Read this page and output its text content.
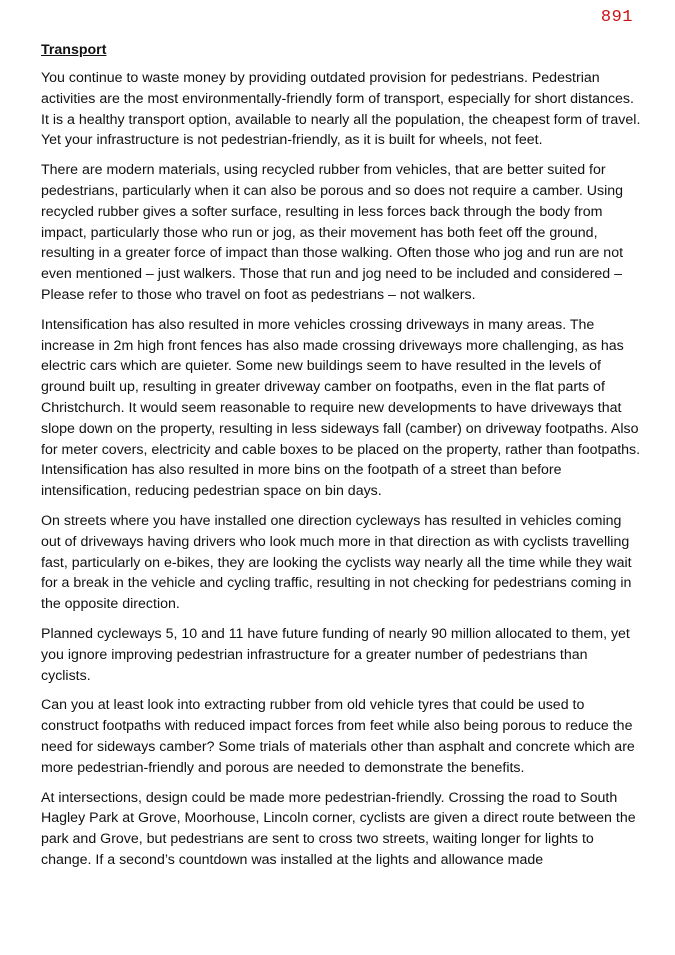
891
Transport

You continue to waste money by providing outdated provision for pedestrians. Pedestrian activities are the most environmentally-friendly form of transport, especially for short distances. It is a healthy transport option, available to nearly all the population, the cheapest form of travel. Yet your infrastructure is not pedestrian-friendly, as it is built for wheels, not feet.

There are modern materials, using recycled rubber from vehicles, that are better suited for pedestrians, particularly when it can also be porous and so does not require a camber. Using recycled rubber gives a softer surface, resulting in less forces back through the body from impact, particularly those who run or jog, as their movement has both feet off the ground, resulting in a greater force of impact than those walking. Often those who jog and run are not even mentioned – just walkers. Those that run and jog need to be included and considered – Please refer to those who travel on foot as pedestrians – not walkers.

Intensification has also resulted in more vehicles crossing driveways in many areas. The increase in 2m high front fences has also made crossing driveways more challenging, as has electric cars which are quieter. Some new buildings seem to have resulted in the levels of ground built up, resulting in greater driveway camber on footpaths, even in the flat parts of Christchurch. It would seem reasonable to require new developments to have driveways that slope down on the property, resulting in less sideways fall (camber) on driveway footpaths. Also for meter covers, electricity and cable boxes to be placed on the property, rather than footpaths. Intensification has also resulted in more bins on the footpath of a street than before intensification, reducing pedestrian space on bin days.

On streets where you have installed one direction cycleways has resulted in vehicles coming out of driveways having drivers who look much more in that direction as with cyclists travelling fast, particularly on e-bikes, they are looking the cyclists way nearly all the time while they wait for a break in the vehicle and cycling traffic, resulting in not checking for pedestrians coming in the opposite direction.

Planned cycleways 5, 10 and 11 have future funding of nearly 90 million allocated to them, yet you ignore improving pedestrian infrastructure for a greater number of pedestrians than cyclists.

Can you at least look into extracting rubber from old vehicle tyres that could be used to construct footpaths with reduced impact forces from feet while also being porous to reduce the need for sideways camber? Some trials of materials other than asphalt and concrete which are more pedestrian-friendly and porous are needed to demonstrate the benefits.

At intersections, design could be made more pedestrian-friendly. Crossing the road to South Hagley Park at Grove, Moorhouse, Lincoln corner, cyclists are given a direct route between the park and Grove, but pedestrians are sent to cross two streets, waiting longer for lights to change. If a second’s countdown was installed at the lights and allowance made
